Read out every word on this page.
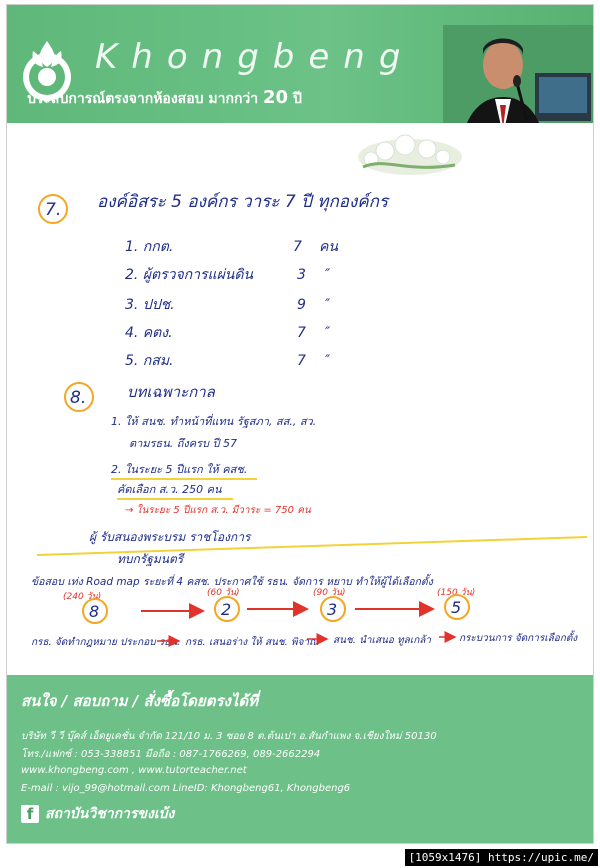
Khongbeng
ประสบการณ์ตรงจากห้องสอบ มากกว่า 20 ปี
7. องค์อิสระ 5 องค์กร วาระ 7 ปี ทุกองค์กร
1. กกต.	7 คน
2. ผู้ตรวจการแผ่นดิน	3 ″
3. ปปช.	9 ″
4. คตง.	7 ″
5. กสม.	7 ″
8.	บทเฉพาะกาล
1. ให้ สนช. ทำหน้าที่แทน รัฐสภา, สส., สว.
ตามรธน. ถึงครบ ปี 57
2. ในระยะ 5 ปีแรก ให้ คสช.
คัดเลือก ส.ว. 250 คน
→ ในระยะ 5 ปีแรก ส.ว. มีวาระ = 750 คน
ผู้ รับสนองพระบรม ราชโองการ
ทบกรัฐมนตรี
ข้อสอบ เท่ง Road map ระยะที่ 4 คสช. ประกาศใช้ รธน. จัดการ หยาบ ทำให้ผู้ได้เลือกตั้ง
(240 วัน)
8
(60 วัน)
2
(90 วัน)
3
(150 วัน)
5
กรธ. จัดทำกฎหมาย ประกอบ รธน. กรธ. เสนอร่าง ให้ สนช. พิจาณ สนช. นำเสนอ ทูลเกล้า	กระบวนการ จัดการเลือกตั้ง
สนใจ / สอบถาม / สั่งซื้อโดยตรงได้ที่
บริษัท วี วี บุ๊คส์ เอ็ดยูเคชั่น จำกัด 121/10 ม. 3 ซอย 8 ต.ต้นเปา อ.สันกำแพง จ.เชียงใหม่ 50130
โทร./แฟกซ์ : 053-338851 มือถือ : 087-1766269, 089-2662294
www.khongbeng.com , www.tutorteacher.net
E-mail : vijo_99@hotmail.com LineID: Khongbeng61, Khongbeng6
f สถาบันวิชาการขงเบ้ง
[1059x1476] https://upic.me/
